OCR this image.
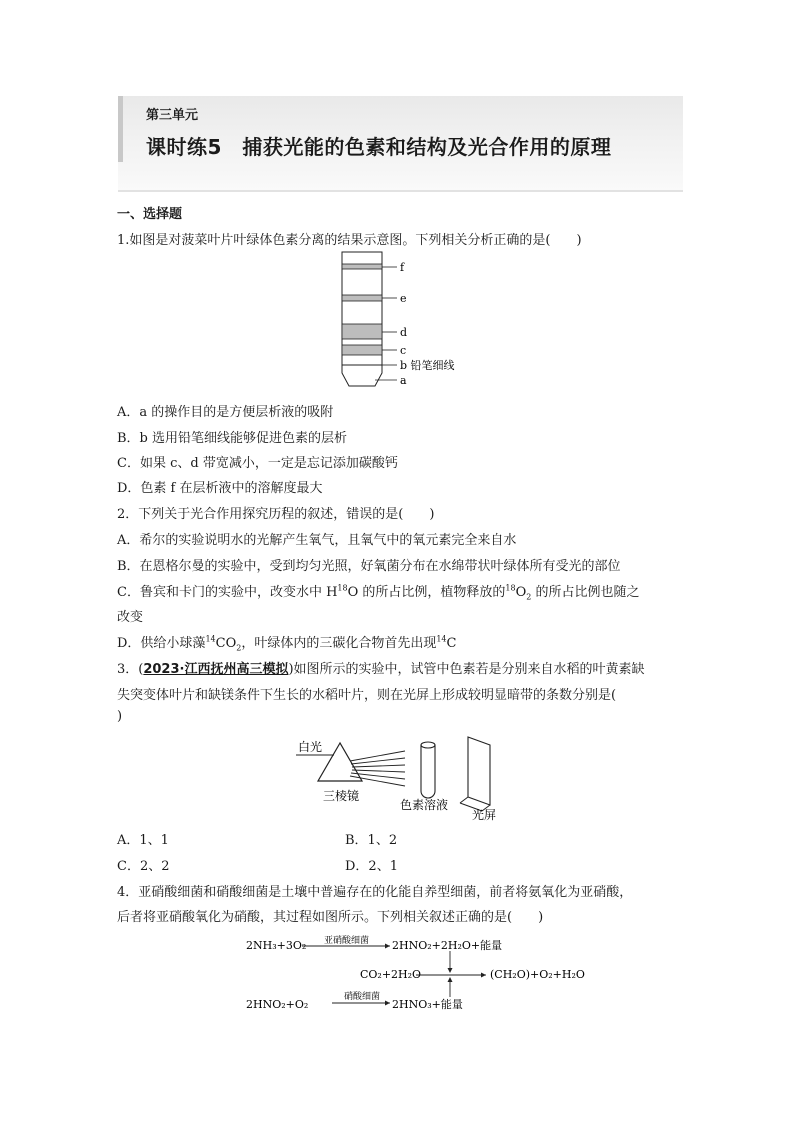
第三单元
课时练5　捕获光能的色素和结构及光合作用的原理
一、选择题
1.如图是对菠菜叶片叶绿体色素分离的结果示意图。下列相关分析正确的是(　　)
f
e
d
c
b 铅笔细线
a
A．a 的操作目的是方便层析液的吸附
B．b 选用铅笔细线能够促进色素的层析
C．如果 c、d 带宽减小，一定是忘记添加碳酸钙
D．色素 f 在层析液中的溶解度最大
2．下列关于光合作用探究历程的叙述，错误的是(　　)
A．希尔的实验说明水的光解产生氧气，且氧气中的氧元素完全来自水
B．在恩格尔曼的实验中，受到均匀光照，好氧菌分布在水绵带状叶绿体所有受光的部位
C．鲁宾和卡门的实验中，改变水中 $H^{18}O$ 的所占比例，植物释放的$^{18}O_2$ 的所占比例也随之
改变
D．供给小球藻$^{14}CO_2$，叶绿体内的三碳化合物首先出现$^{14}$C
3．(2023·江西抚州高三模拟)如图所示的实验中，试管中色素若是分别来自水稻的叶黄素缺
失突变体叶片和缺镁条件下生长的水稻叶片，则在光屏上形成较明显暗带的条数分别是(
)
白光
三棱镜
色素溶液
光屏
A．1、1	B．1、2
C．2、2	D．2、1
4．亚硝酸细菌和硝酸细菌是土壤中普遍存在的化能自养型细菌，前者将氨氧化为亚硝酸，
后者将亚硝酸氧化为硝酸，其过程如图所示。下列相关叙述正确的是(　　)
2NH₃+3O₂ 亚硝酸细菌 2HNO₂+2H₂O+能量
CO₂+2H₂O	(CH₂O)+O₂+H₂O
2HNO₂+O₂
硝酸细菌
2HNO₃+能量
